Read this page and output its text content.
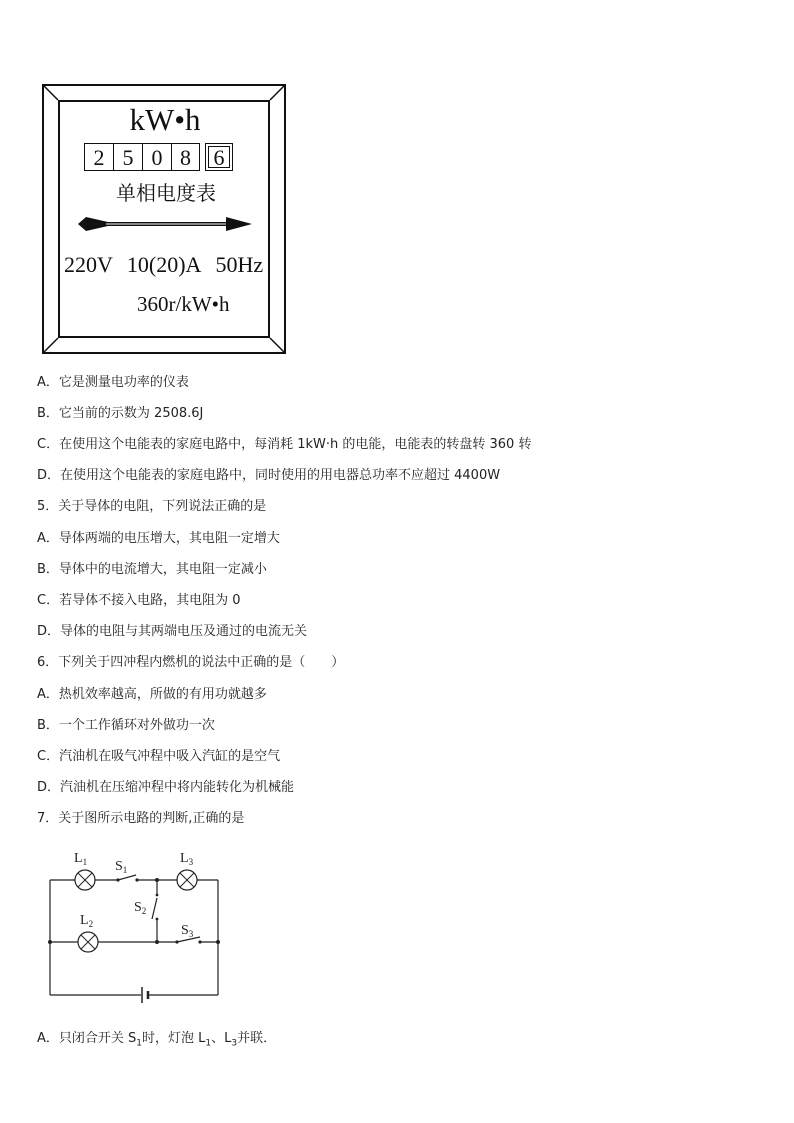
kW•h
2 5 0 8	6
单相电度表
220V 10(20)A 50Hz
360r/kW•h
A．它是测量电功率的仪表
B．它当前的示数为 2508.6J
C．在使用这个电能表的家庭电路中，每消耗 1kW·h 的电能，电能表的转盘转 360 转
D．在使用这个电能表的家庭电路中，同时使用的用电器总功率不应超过 4400W
5．关于导体的电阻，下列说法正确的是
A．导体两端的电压增大，其电阻一定增大
B．导体中的电流增大，其电阻一定减小
C．若导体不接入电路，其电阻为 0
D．导体的电阻与其两端电压及通过的电流无关
6．下列关于四冲程内燃机的说法中正确的是（　　）
A．热机效率越高，所做的有用功就越多
B．一个工作循环对外做功一次
C．汽油机在吸气冲程中吸入汽缸的是空气
D．汽油机在压缩冲程中将内能转化为机械能
7．关于图所示电路的判断,正确的是
$L_1$ $S_1$
$L_3$
$S_2$
$L_2$	$S_3$
A．只闭合开关 $S_1$时，灯泡 $L_1$、$L_3$并联．
